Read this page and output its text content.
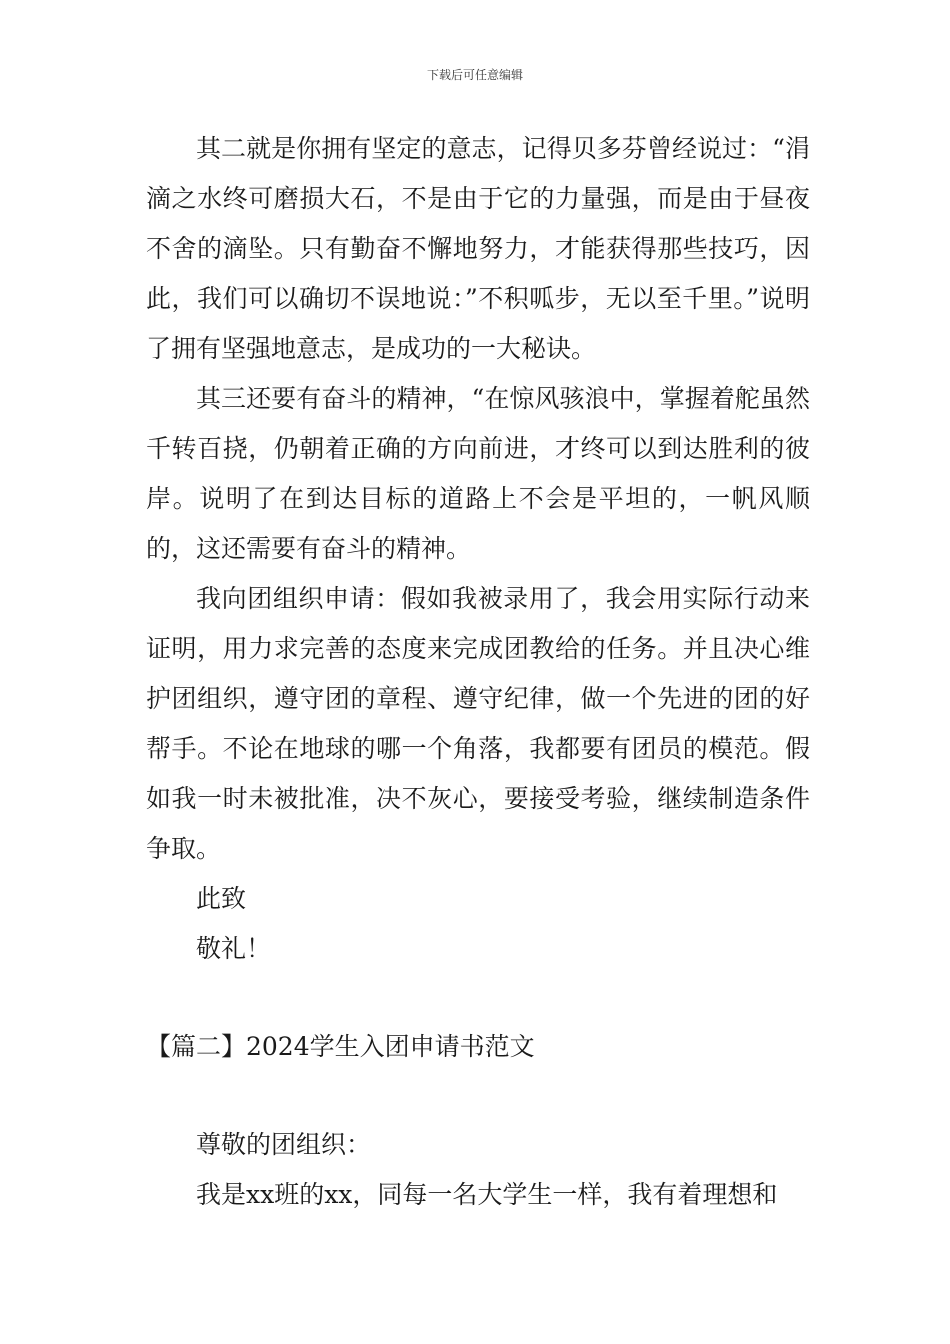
下载后可任意编辑

其二就是你拥有坚定的意志，记得贝多芬曾经说过：“涓滴之水终可磨损大石，不是由于它的力量强，而是由于昼夜不舍的滴坠。只有勤奋不懈地努力，才能获得那些技巧，因此，我们可以确切不误地说：”不积呱步，无以至千里。”说明了拥有坚强地意志，是成功的一大秘诀。

其三还要有奋斗的精神，“在惊风骇浪中，掌握着舵虽然千转百挠，仍朝着正确的方向前进，才终可以到达胜利的彼岸。说明了在到达目标的道路上不会是平坦的，一帆风顺的，这还需要有奋斗的精神。

我向团组织申请：假如我被录用了，我会用实际行动来证明，用力求完善的态度来完成团教给的任务。并且决心维护团组织，遵守团的章程、遵守纪律，做一个先进的团的好帮手。不论在地球的哪一个角落，我都要有团员的模范。假如我一时未被批准，决不灰心，要接受考验，继续制造条件争取。

此致

敬礼！

【篇二】2024学生入团申请书范文

尊敬的团组织：

我是xx班的xx，同每一名大学生一样，我有着理想和
